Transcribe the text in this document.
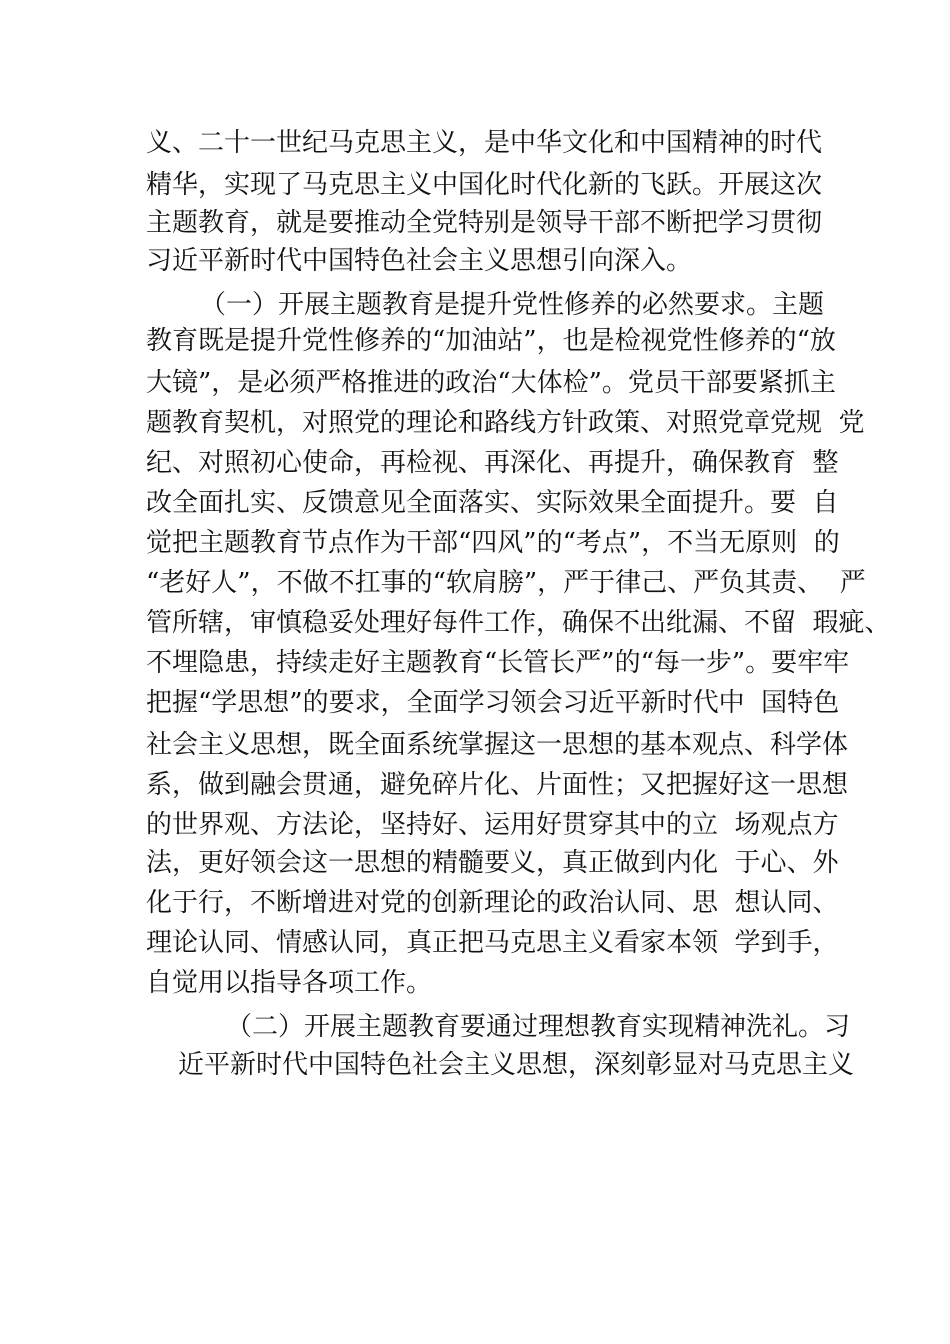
义、二十一世纪马克思主义，是中华文化和中国精神的时代
精华，实现了马克思主义中国化时代化新的飞跃。开展这次
主题教育，就是要推动全党特别是领导干部不断把学习贯彻
习近平新时代中国特色社会主义思想引向深入。
（一）开展主题教育是提升党性修养的必然要求。主题
教育既是提升党性修养的“加油站”，也是检视党性修养的“放
大镜”，是必须严格推进的政治“大体检”。党员干部要紧抓主
题教育契机，对照党的理论和路线方针政策、对照党章党规  党
纪、对照初心使命，再检视、再深化、再提升，确保教育  整
改全面扎实、反馈意见全面落实、实际效果全面提升。要  自
觉把主题教育节点作为干部“四风”的“考点”，不当无原则  的
“老好人”，不做不扛事的“软肩膀”，严于律己、严负其责、  严
管所辖，审慎稳妥处理好每件工作，确保不出纰漏、不留  瑕疵、
不埋隐患，持续走好主题教育“长管长严”的“每一步”。要牢牢
把握“学思想”的要求，全面学习领会习近平新时代中  国特色
社会主义思想，既全面系统掌握这一思想的基本观点、科学体
系，做到融会贯通，避免碎片化、片面性；又把握好这一思想
的世界观、方法论，坚持好、运用好贯穿其中的立  场观点方
法，更好领会这一思想的精髓要义，真正做到内化  于心、外
化于行，不断增进对党的创新理论的政治认同、思  想认同、
理论认同、情感认同，真正把马克思主义看家本领  学到手，
自觉用以指导各项工作。
（二）开展主题教育要通过理想教育实现精神洗礼。习
近平新时代中国特色社会主义思想，深刻彰显对马克思主义
